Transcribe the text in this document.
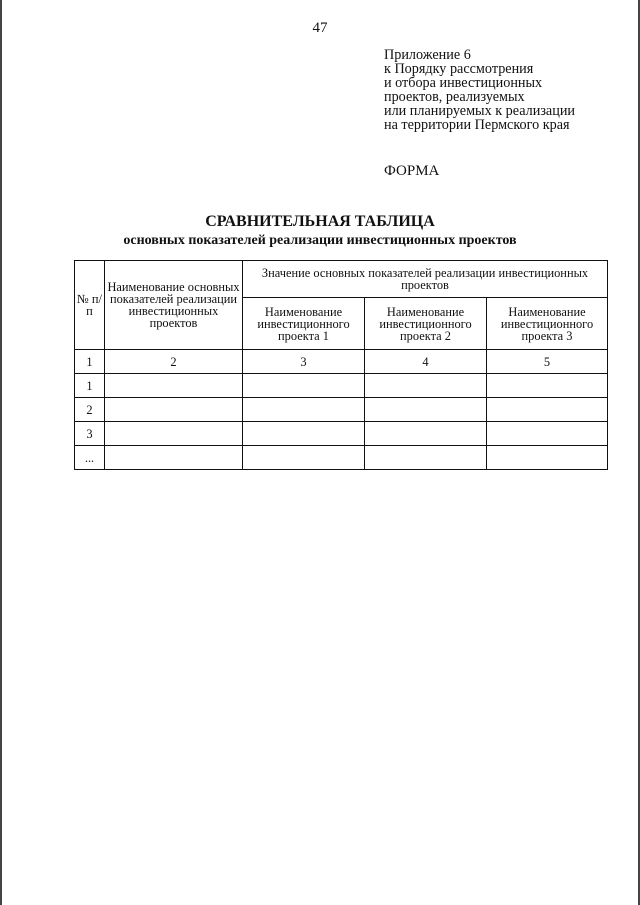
47
Приложение 6
к Порядку рассмотрения
и отбора инвестиционных
проектов, реализуемых
или планируемых к реализации
на территории Пермского края
ФОРМА
СРАВНИТЕЛЬНАЯ ТАБЛИЦА
основных показателей реализации инвестиционных проектов
№ п/п	Наименование основных показателей реализации инвестиционных проектов	Значение основных показателей реализации инвестиционных проектов		
		Наименование инвестиционного проекта 1	Наименование инвестиционного проекта 2	Наименование инвестиционного проекта 3
1	2	3	4	5
1				
2				
3				
...				
